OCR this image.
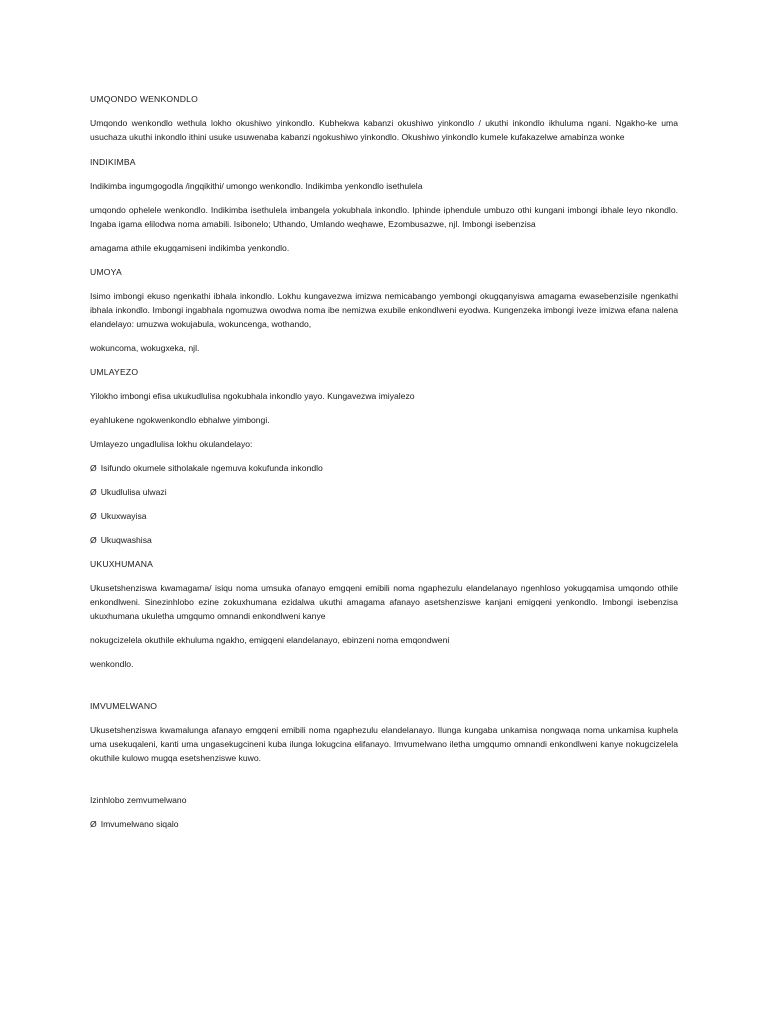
UMQONDO WENKONDLO

Umqondo wenkondlo wethula lokho okushiwo yinkondlo. Kubhekwa kabanzi okushiwo yinkondlo / ukuthi inkondlo ikhuluma ngani. Ngakho-ke uma usuchaza ukuthi inkondlo ithini usuke usuwenaba kabanzi ngokushiwo yinkondlo. Okushiwo yinkondlo kumele kufakazelwe amabinza wonke

INDIKIMBA

Indikimba ingumgogodla /ingqikithi/ umongo wenkondlo. Indikimba yenkondlo isethulela

umqondo ophelele wenkondlo. Indikimba isethulela imbangela yokubhala inkondlo. Iphinde iphendule umbuzo othi kungani imbongi ibhale leyo nkondlo. Ingaba igama elilodwa noma amabili. Isibonelo; Uthando, Umlando weqhawe, Ezombusazwe, njl. Imbongi isebenzisa

amagama athile ekugqamiseni indikimba yenkondlo.

UMOYA

Isimo imbongi ekuso ngenkathi ibhala inkondlo. Lokhu kungavezwa imizwa nemicabango yembongi okugqanyiswa amagama ewasebenzisile ngenkathi ibhala inkondlo. Imbongi ingabhala ngomuzwa owodwa noma ibe nemizwa exubile enkondlweni eyodwa. Kungenzeka imbongi iveze imizwa efana nalena elandelayo: umuzwa wokujabula, wokuncenga, wothando,

wokuncoma, wokugxeka, njl.

UMLAYEZO

Yilokho imbongi efisa ukukudlulisa ngokubhala inkondlo yayo. Kungavezwa imiyalezo

eyahlukene ngokwenkondlo ebhalwe yimbongi.

Umlayezo ungadlulisa lokhu okulandelayo:

Ø Isifundo okumele sitholakale ngemuva kokufunda inkondlo

Ø Ukudlulisa ulwazi

Ø Ukuxwayisa

Ø Ukuqwashisa

UKUXHUMANA

Ukusetshenziswa kwamagama/ isiqu noma umsuka ofanayo emgqeni emibili noma ngaphezulu elandelanayo ngenhloso yokugqamisa umqondo othile enkondlweni. Sinezinhlobo ezine zokuxhumana ezidalwa ukuthi amagama afanayo asetshenziswe kanjani emigqeni yenkondlo. Imbongi isebenzisa ukuxhumana ukuletha umgqumo omnandi enkondlweni kanye

nokugcizelela okuthile ekhuluma ngakho, emigqeni elandelanayo, ebinzeni noma emqondweni

wenkondlo.

IMVUMELWANO

Ukusetshenziswa kwamalunga afanayo emgqeni emibili noma ngaphezulu elandelanayo. Ilunga kungaba unkamisa nongwaqa noma unkamisa kuphela uma usekuqaleni, kanti uma ungasekugcineni kuba ilunga lokugcina elifanayo. Imvumelwano iletha umgqumo omnandi enkondlweni kanye nokugcizelela okuthile kulowo mugqa esetshenziswe kuwo.

Izinhlobo zemvumelwano

Ø Imvumelwano siqalo
